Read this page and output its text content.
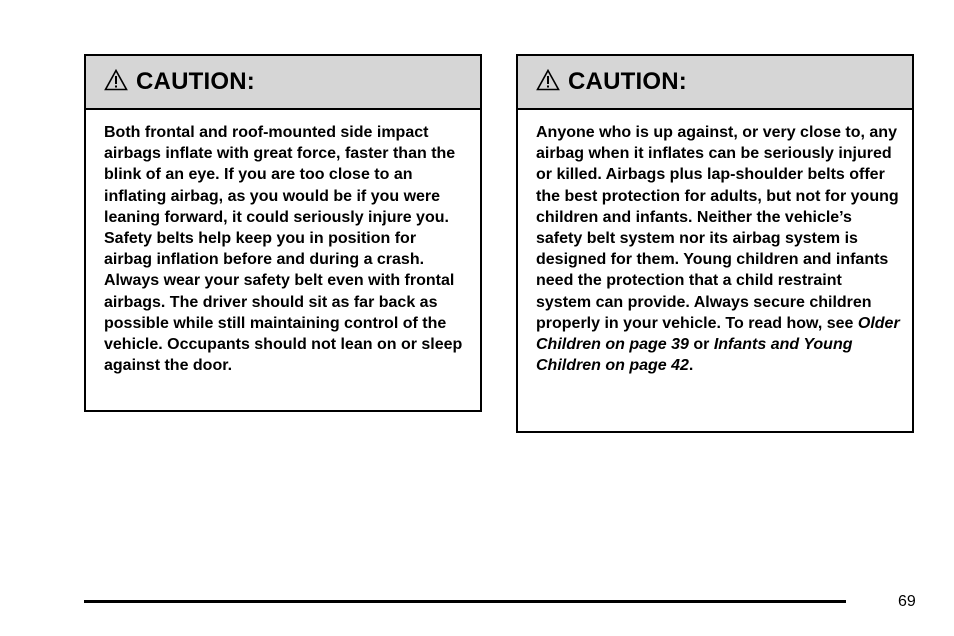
CAUTION:

Both frontal and roof-mounted side impact airbags inflate with great force, faster than the blink of an eye. If you are too close to an inflating airbag, as you would be if you were leaning forward, it could seriously injure you. Safety belts help keep you in position for airbag inflation before and during a crash. Always wear your safety belt even with frontal airbags. The driver should sit as far back as possible while still maintaining control of the vehicle. Occupants should not lean on or sleep against the door.

CAUTION:

Anyone who is up against, or very close to, any airbag when it inflates can be seriously injured or killed. Airbags plus lap-shoulder belts offer the best protection for adults, but not for young children and infants. Neither the vehicle’s safety belt system nor its airbag system is designed for them. Young children and infants need the protection that a child restraint system can provide. Always secure children properly in your vehicle. To read how, see Older Children on page 39 or Infants and Young Children on page 42.

69
